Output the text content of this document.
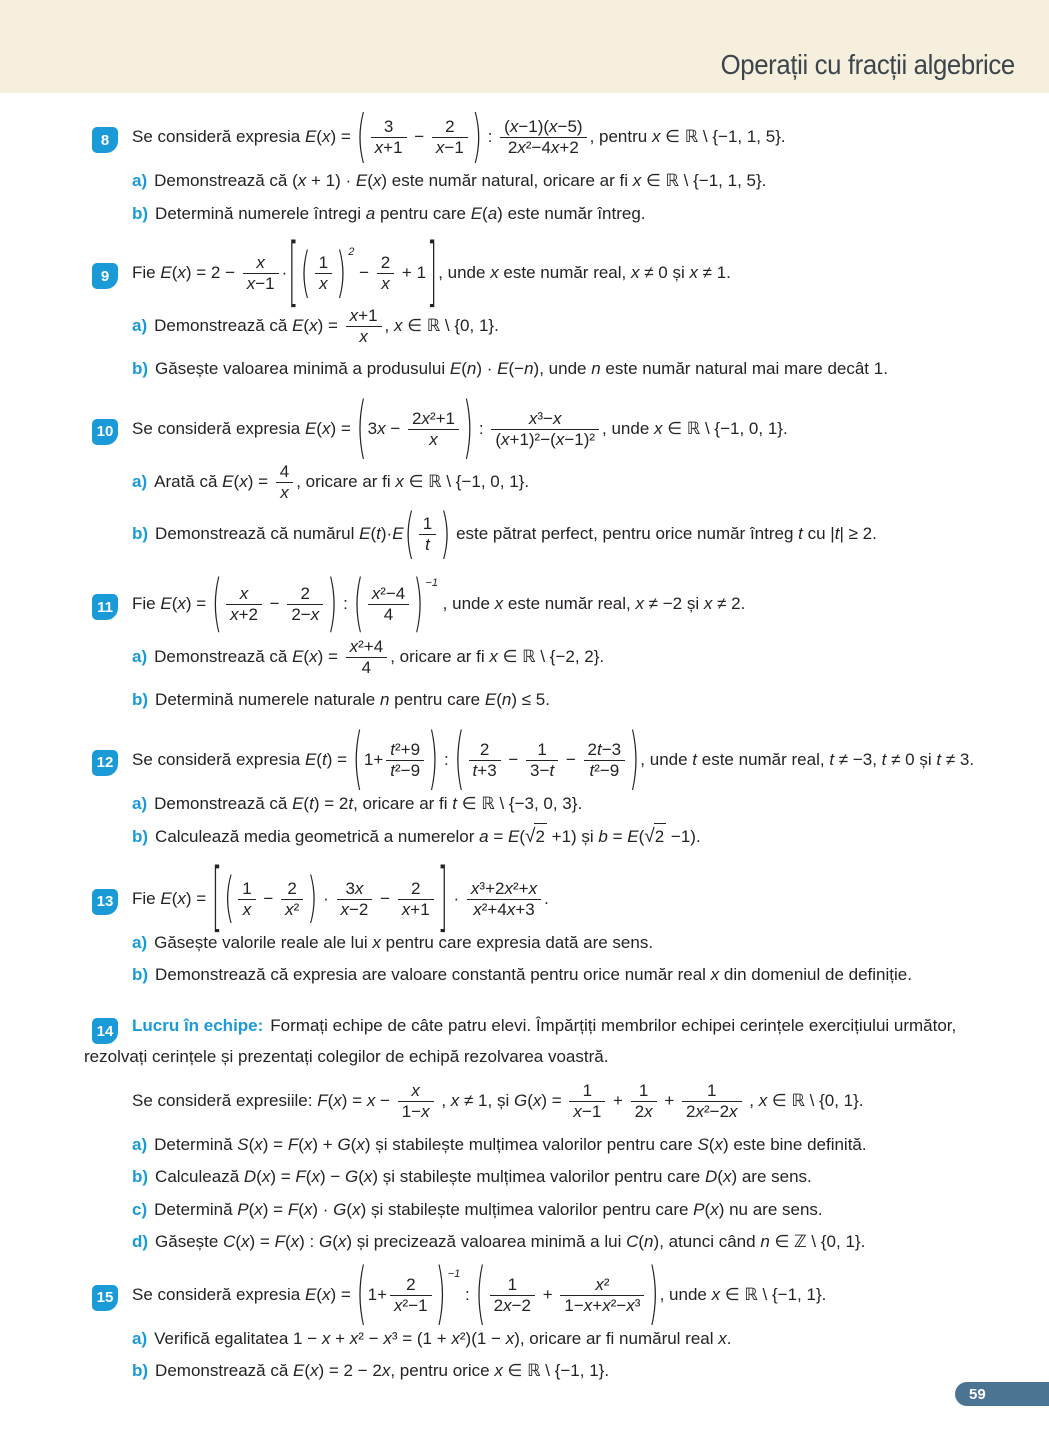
Operații cu fracții algebrice
8	Se consideră expresia E(x) = ( $\frac{3}{x+1} - \frac{2}{x-1}$ ) : $\frac{(x-1)(x-5)}{\text{2x²−4x+2}}$ , pentru x ∈ ℝ \ {−1, 1, 5}.
a) Demonstrează că (x + 1) · E(x) este număr natural, oricare ar fi x ∈ ℝ \ {−1, 1, 5}.
b) Determină numerele întregi a pentru care E(a) este număr întreg.
9	Fie $E(x) = 2 - \frac{x}{x-1}$ ·[( $\frac{1}{x}$ ) $^2 - \frac{2}{x} + 1$], unde x este număr real, x ≠ 0 și x ≠ 1.
a) Demonstrează că $E(x) = \frac{x+1}{x}$ , x ∈ ℝ \ {0, 1}.
b) Găsește valoarea minimă a produsului E(n) · E(−n), unde n este număr natural mai mare decât 1.
10	Se consideră expresia $E(x) = (3x - \frac{\text{2x²+1}}{x}$ ) : $\frac{\text{x³−x}}{\text{(x+1)²−(x−1)²}}$ , unde x ∈ ℝ \ {−1, 0, 1}.
a) Arată că $E(x) = \frac{4}{x}$ , oricare ar fi x ∈ ℝ \ {−1, 0, 1}.
b) Demonstrează că numărul $E(t)\cdot E( \frac{1}{t}$ ) este pătrat perfect, pentru orice număr întreg t cu |t| ≥ 2.
11	Fie E(x) = ( $\frac{x}{x+2} - \frac{2}{2-x}$ ) : ( $\frac{\text{x²−4}}{4}$ ) $^{-1}$ , unde x este număr real, x ≠ −2 și x ≠ 2.
a) Demonstrează că $E(x) = \frac{\text{x²+4}}{4}$ , oricare ar fi x ∈ ℝ \ {−2, 2}.
b) Determină numerele naturale n pentru care E(n) ≤ 5.
12	Se consideră expresia $E(t) = (1+ \frac{\text{t²+9}}{\text{t²−9}}$ ) : ( $\frac{2}{t+3} - \frac{1}{3-t} - \frac{2t-3}{\text{t²−9}}$ ), unde t este număr real, t ≠ −3, t ≠ 0 și t ≠ 3.
a) Demonstrează că E(t) = 2t, oricare ar fi t ∈ ℝ \ {−3, 0, 3}.
b) Calculează media geometrică a numerelor a = E(√2 +1) și b = E(√2 −1).
13	Fie E(x) = [( $\frac{1}{x} - \frac{2}{\text{x²}}$ ) · $\frac{3x}{x-2} - \frac{2}{x+1}$ ] · $\frac{\text{x³+2x²+x}}{\text{x²+4x+3}}$ .
a) Găsește valorile reale ale lui x pentru care expresia dată are sens.
b) Demonstrează că expresia are valoare constantă pentru orice număr real x din domeniul de definiție.
14 Lucru în echipe: Formați echipe de câte patru elevi. Împărțiți membrilor echipei cerințele exercițiului următor, rezolvați cerințele și prezentați colegilor de echipă rezolvarea voastră.
Se consideră expresiile: $F(x) = x - \frac{x}{1-x}$ , x ≠ 1, și $G(x) = \frac{1}{x-1} + \frac{1}{2x} + \frac{1}{\text{2x²−2x}}$ , x ∈ ℝ \ {0, 1}.
a) Determină S(x) = F(x) + G(x) și stabilește mulțimea valorilor pentru care S(x) este bine definită.
b) Calculează D(x) = F(x) − G(x) și stabilește mulțimea valorilor pentru care D(x) are sens.
c) Determină P(x) = F(x) · G(x) și stabilește mulțimea valorilor pentru care P(x) nu are sens.
d) Găsește C(x) = F(x) : G(x) și precizează valoarea minimă a lui C(n), atunci când n ∈ ℤ \ {0, 1}.
15	Se consideră expresia $E(x) = (1+ \frac{2}{\text{x²−1}}$ ) $^{-1}$ : ( $\frac{1}{2x-2} + \frac{\text{x²}}{\text{1−x+x²−x³}}$ ), unde x ∈ ℝ \ {−1, 1}.
a) Verifică egalitatea 1 − x + x² − x³ = (1 + x²)(1 − x), oricare ar fi numărul real x.
b) Demonstrează că E(x) = 2 − 2x, pentru orice x ∈ ℝ \ {−1, 1}.
59
